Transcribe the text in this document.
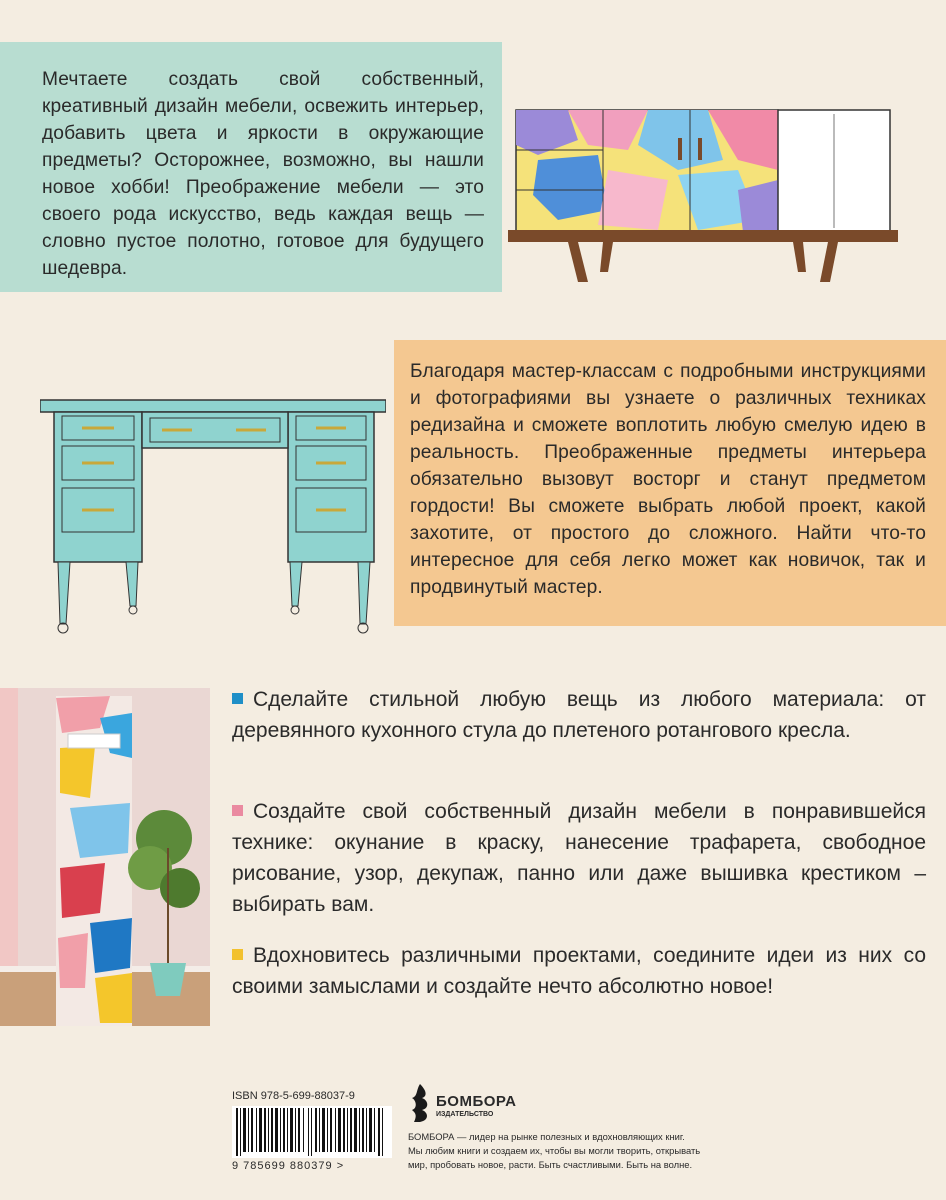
Мечтаете создать свой собственный, креативный дизайн мебели, освежить интерьер, добавить цвета и яркости в окружающие предметы? Осторожнее, возможно, вы нашли новое хобби! Преображение мебели — это своего рода искусство, ведь каждая вещь — словно пустое полотно, готовое для будущего шедевра.
Благодаря мастер-классам с подробными инструкциями и фотографиями вы узнаете о различных техниках редизайна и сможете воплотить любую смелую идею в реальность. Преображенные предметы интерьера обязательно вызовут восторг и станут предметом гордости! Вы сможете выбрать любой проект, какой захотите, от простого до сложного. Найти что-то интересное для себя легко может как новичок, так и продвинутый мастер.
Сделайте стильной любую вещь из любого материала: от деревянного кухонного стула до плетеного ротангового кресла.
Создайте свой собственный дизайн мебели в понравившейся технике: окунание в краску, нанесение трафарета, свободное рисование, узор, декупаж, панно или даже вышивка крестиком – выбирать вам.
Вдохновитесь различными проектами, соедините идеи из них со своими замыслами и создайте нечто абсолютно новое!
ISBN 978-5-699-88037-9
9 785699 880379 >
БОМБОРА
ИЗДАТЕЛЬСТВО
БОМБОРА — лидер на рынке полезных и вдохновляющих книг.
Мы любим книги и создаем их, чтобы вы могли творить, открывать
мир, пробовать новое, расти. Быть счастливыми. Быть на волне.
